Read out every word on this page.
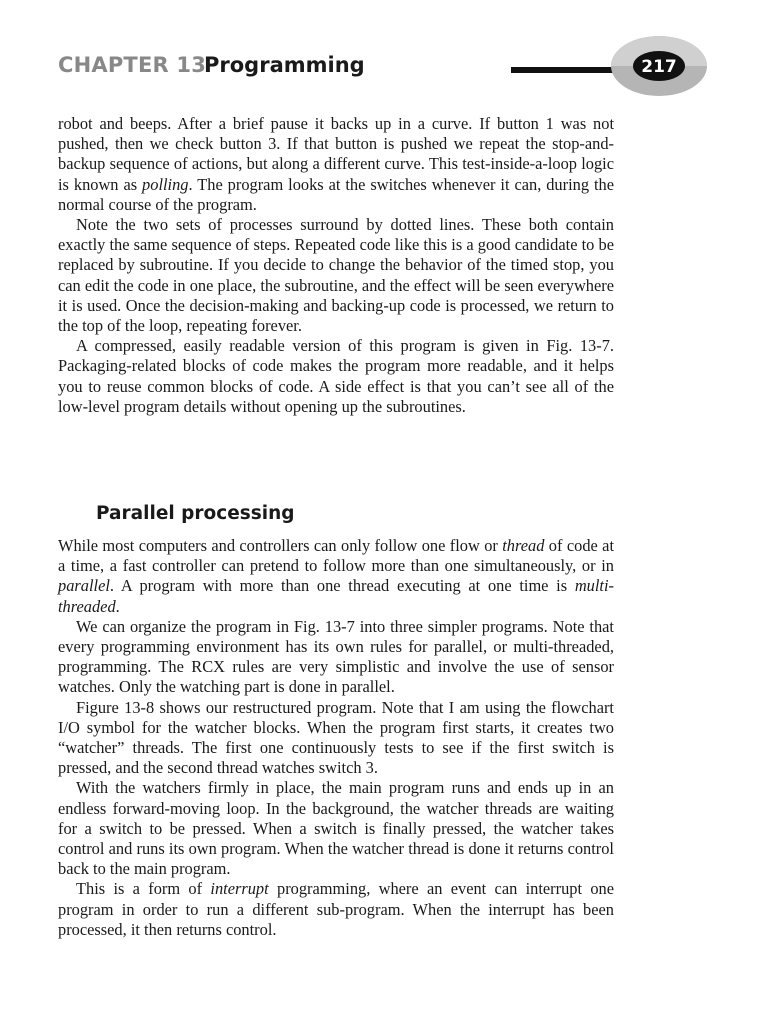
CHAPTER 13
Programming	217

robot and beeps. After a brief pause it backs up in a curve. If button 1 was not pushed, then we check button 3. If that button is pushed we repeat the stop-and-backup sequence of actions, but along a different curve. This test-inside-a-loop logic is known as polling. The program looks at the switches whenever it can, during the normal course of the program.

Note the two sets of processes surround by dotted lines. These both contain exactly the same sequence of steps. Repeated code like this is a good candidate to be replaced by subroutine. If you decide to change the behavior of the timed stop, you can edit the code in one place, the subroutine, and the effect will be seen everywhere it is used. Once the decision-making and backing-up code is processed, we return to the top of the loop, repeating forever.

A compressed, easily readable version of this program is given in Fig. 13-7. Packaging-related blocks of code makes the program more readable, and it helps you to reuse common blocks of code. A side effect is that you can’t see all of the low-level program details without opening up the subroutines.

Parallel processing

While most computers and controllers can only follow one flow or thread of code at a time, a fast controller can pretend to follow more than one simultaneously, or in parallel. A program with more than one thread executing at one time is multi-threaded.

We can organize the program in Fig. 13-7 into three simpler programs. Note that every programming environment has its own rules for parallel, or multi-threaded, programming. The RCX rules are very simplistic and involve the use of sensor watches. Only the watching part is done in parallel.

Figure 13-8 shows our restructured program. Note that I am using the flowchart I/O symbol for the watcher blocks. When the program first starts, it creates two “watcher” threads. The first one continuously tests to see if the first switch is pressed, and the second thread watches switch 3.

With the watchers firmly in place, the main program runs and ends up in an endless forward-moving loop. In the background, the watcher threads are waiting for a switch to be pressed. When a switch is finally pressed, the watcher takes control and runs its own program. When the watcher thread is done it returns control back to the main program.

This is a form of interrupt programming, where an event can interrupt one program in order to run a different sub-program. When the interrupt has been processed, it then returns control.
